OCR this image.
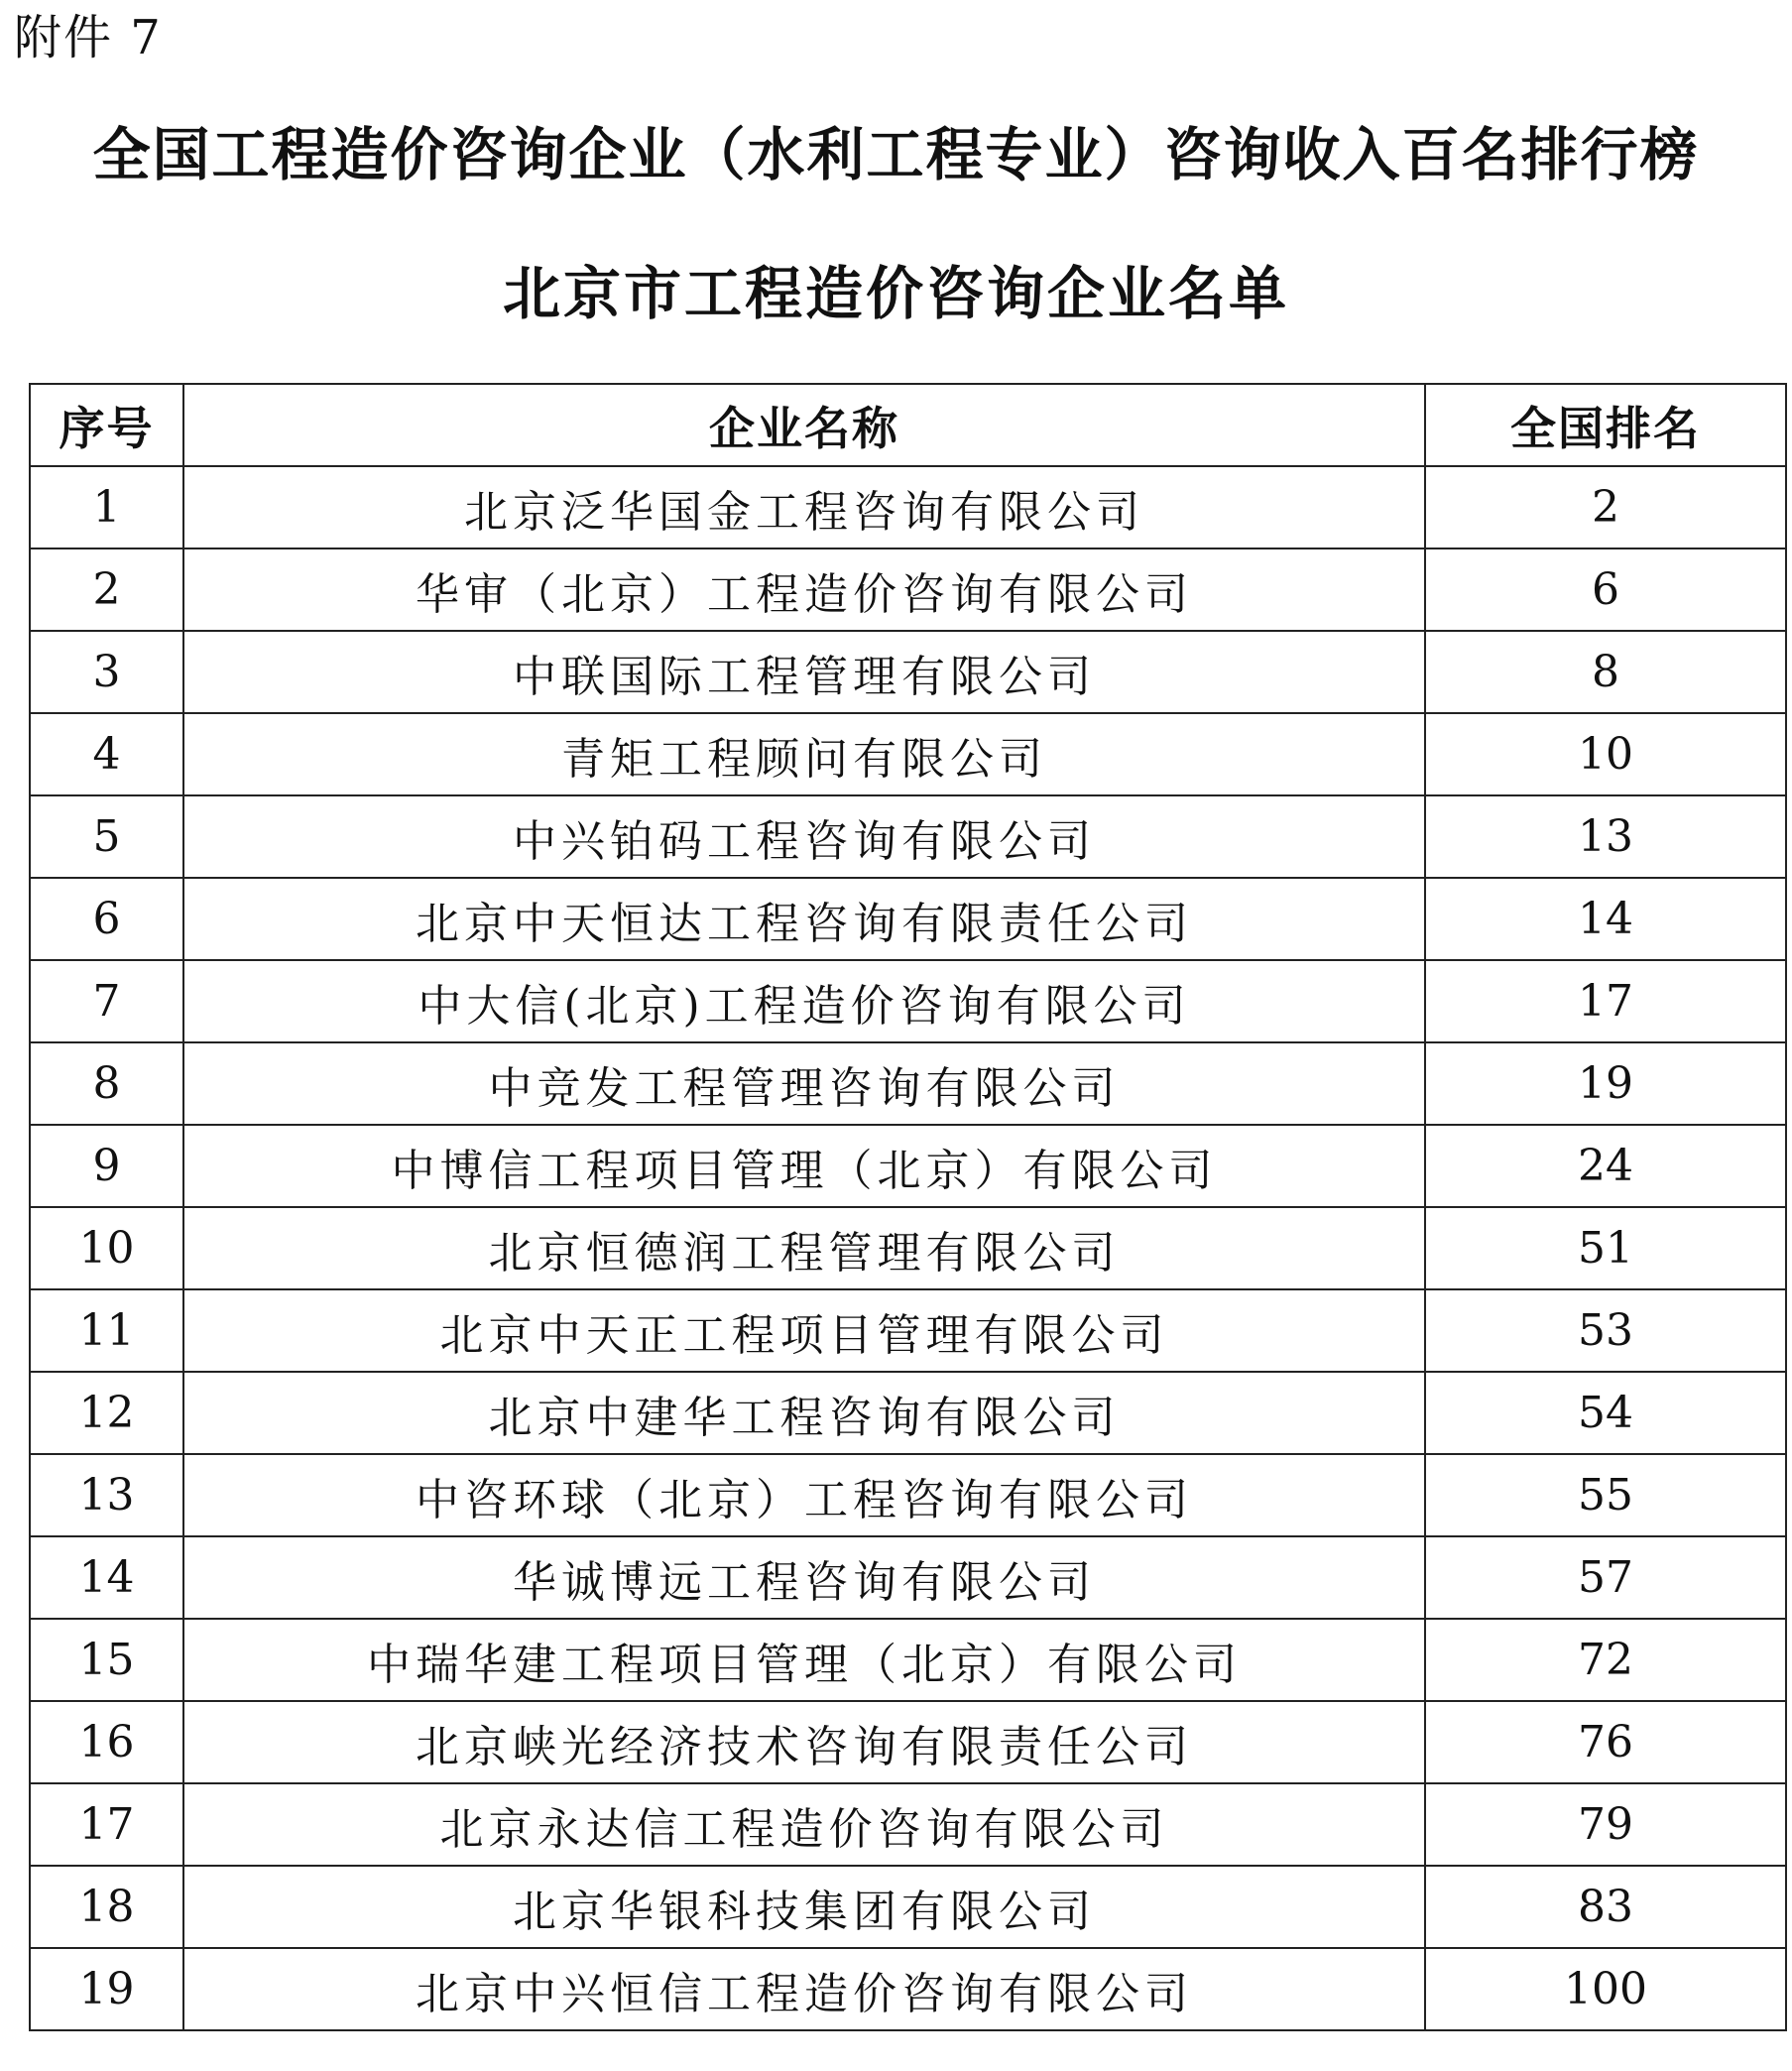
附件 7
全国工程造价咨询企业（水利工程专业）咨询收入百名排行榜
北京市工程造价咨询企业名单
序号	企业名称	全国排名
1	北京泛华国金工程咨询有限公司	2
2	华审（北京）工程造价咨询有限公司	6
3	中联国际工程管理有限公司	8
4	青矩工程顾问有限公司	10
5	中兴铂码工程咨询有限公司	13
6	北京中天恒达工程咨询有限责任公司	14
7	中大信(北京)工程造价咨询有限公司	17
8	中竞发工程管理咨询有限公司	19
9	中博信工程项目管理（北京）有限公司	24
10	北京恒德润工程管理有限公司	51
11	北京中天正工程项目管理有限公司	53
12	北京中建华工程咨询有限公司	54
13	中咨环球（北京）工程咨询有限公司	55
14	华诚博远工程咨询有限公司	57
15	中瑞华建工程项目管理（北京）有限公司	72
16	北京峡光经济技术咨询有限责任公司	76
17	北京永达信工程造价咨询有限公司	79
18	北京华银科技集团有限公司	83
19	北京中兴恒信工程造价咨询有限公司	100
